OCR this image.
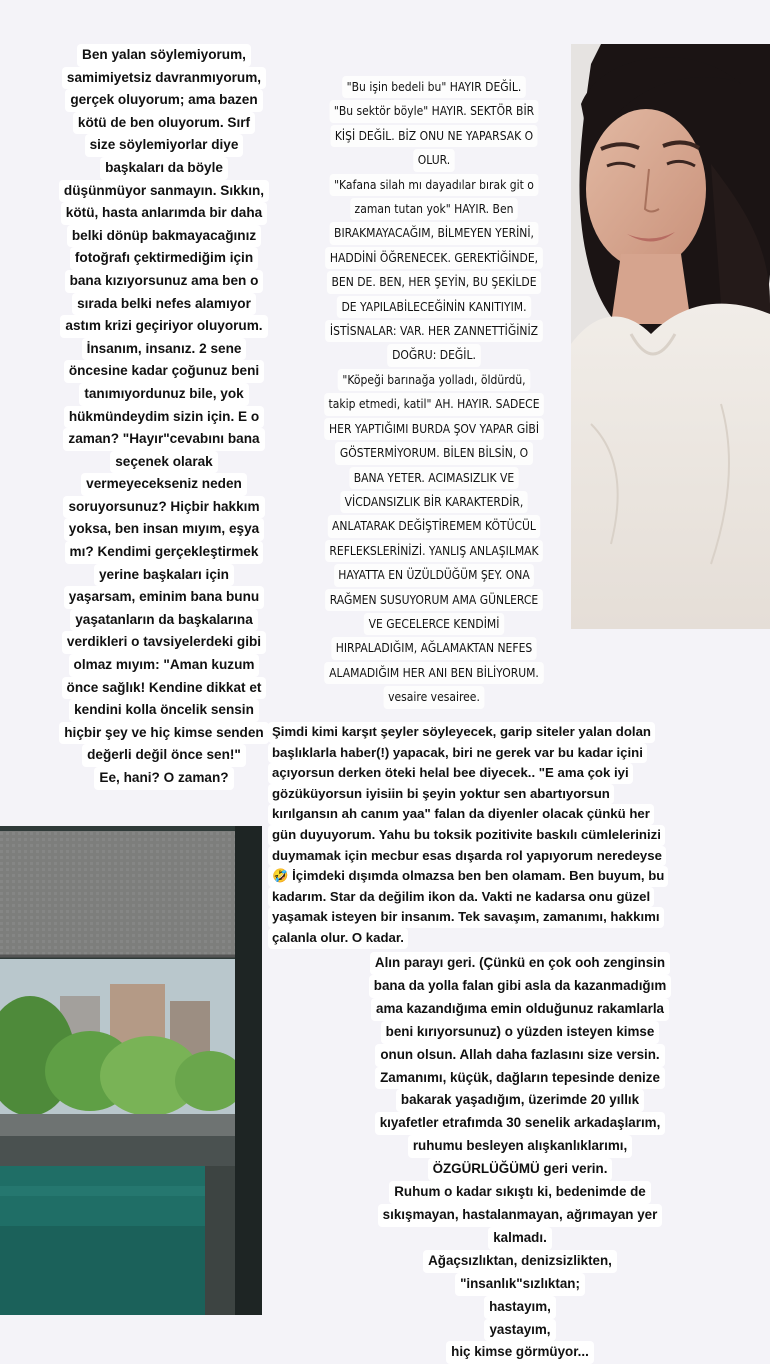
Ben yalan söylemiyorum,
samimiyetsiz davranmıyorum,
gerçek oluyorum; ama bazen
kötü de ben oluyorum. Sırf
size söylemiyorlar diye
başkaları da böyle
düşünmüyor sanmayın. Sıkkın,
kötü, hasta anlarımda bir daha
belki dönüp bakmayacağınız
fotoğrafı çektirmediğim için
bana kızıyorsunuz ama ben o
sırada belki nefes alamıyor
astım krizi geçiriyor oluyorum.
İnsanım, insanız. 2 sene
öncesine kadar çoğunuz beni
tanımıyordunuz bile, yok
hükmündeydim sizin için. E o
zaman? "Hayır"cevabını bana
seçenek olarak
vermeyecekseniz neden
soruyorsunuz? Hiçbir hakkım
yoksa, ben insan mıyım, eşya
mı? Kendimi gerçekleştirmek
yerine başkaları için
yaşarsam, eminim bana bunu
yaşatanların da başkalarına
verdikleri o tavsiyelerdeki gibi
olmaz mıyım: "Aman kuzum
önce sağlık! Kendine dikkat et
kendini kolla öncelik sensin
hiçbir şey ve hiç kimse senden
değerli değil önce sen!"
Ee, hani? O zaman?
"Bu işin bedeli bu" HAYIR DEĞİL.
"Bu sektör böyle" HAYIR. SEKTÖR BİR
KİŞİ DEĞİL. BİZ ONU NE YAPARSAK O
OLUR.
"Kafana silah mı dayadılar bırak git o
zaman tutan yok" HAYIR. Ben
BIRAKMAYACAĞIM, BİLMEYEN YERİNİ,
HADDİNİ ÖĞRENECEK. GEREKTİĞİNDE,
BEN DE. BEN, HER ŞEYİN, BU ŞEKİLDE
DE YAPILABİLECEĞİNİN KANITIYIM.
İSTİSNALAR: VAR. HER ZANNETTİĞİNİZ
DOĞRU: DEĞİL.
"Köpeği barınağa yolladı, öldürdü,
takip etmedi, katil" AH. HAYIR. SADECE
HER YAPTIĞIMI BURDA ŞOV YAPAR GİBİ
GÖSTERMİYORUM. BİLEN BİLSİN, O
BANA YETER. ACIMASIZLIK VE
VİCDANSIZLIK BİR KARAKTERDİR,
ANLATARAK DEĞİŞTİREMEM KÖTÜCÜL
REFLEKSLERİNİZİ. YANLIŞ ANLAŞILMAK
HAYATTA EN ÜZÜLDÜĞÜM ŞEY. ONA
RAĞMEN SUSUYORUM AMA GÜNLERCE
VE GECELERCE KENDİMİ
HIRPALADIĞIM, AĞLAMAKTAN NEFES
ALAMADIĞIM HER ANI BEN BİLİYORUM.
vesaire vesairee.
Şimdi kimi karşıt şeyler söyleyecek, garip siteler yalan dolan
başlıklarla haber(!) yapacak, biri ne gerek var bu kadar içini
açıyorsun derken öteki helal bee diyecek.. "E ama çok iyi
gözüküyorsun iyisiin bi şeyin yoktur sen abartıyorsun
kırılgansın ah canım yaa" falan da diyenler olacak çünkü her
gün duyuyorum. Yahu bu toksik pozitivite baskılı cümlelerinizi
duymamak için mecbur esas dışarda rol yapıyorum neredeyse
🤣 İçimdeki dışımda olmazsa ben ben olamam. Ben buyum, bu
kadarım. Star da değilim ikon da. Vakti ne kadarsa onu güzel
yaşamak isteyen bir insanım. Tek savaşım, zamanımı, hakkımı
çalanla olur. O kadar.
Alın parayı geri. (Çünkü en çok ooh zenginsin
bana da yolla falan gibi asla da kazanmadığım
ama kazandığıma emin olduğunuz rakamlarla
beni kırıyorsunuz) o yüzden isteyen kimse
onun olsun. Allah daha fazlasını size versin.
Zamanımı, küçük, dağların tepesinde denize
bakarak yaşadığım, üzerimde 20 yıllık
kıyafetler etrafımda 30 senelik arkadaşlarım,
ruhumu besleyen alışkanlıklarımı,
ÖZGÜRLÜĞÜMÜ geri verin.
Ruhum o kadar sıkıştı ki, bedenimde de
sıkışmayan, hastalanmayan, ağrımayan yer
kalmadı.
Ağaçsızlıktan, denizsizlikten,
"insanlık"sızlıktan;
hastayım,
yastayım,
hiç kimse görmüyor...
